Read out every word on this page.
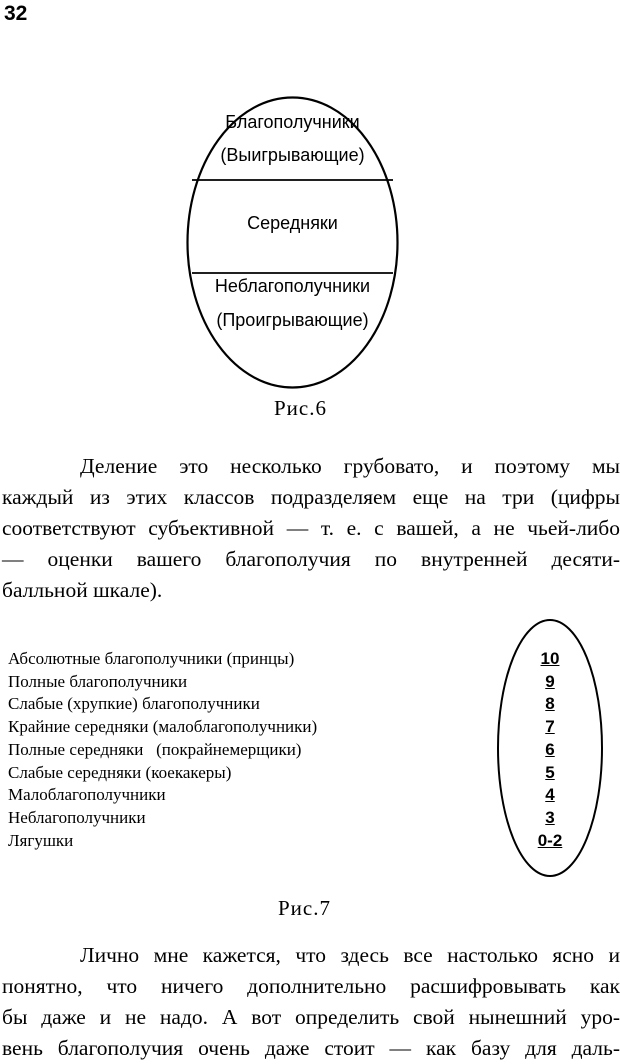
32
Благополучники
(Выигрывающие)
Середняки
Неблагополучники
(Проигрывающие)
Рис.6
Деление это несколько грубовато, и поэтому мы
каждый из этих классов подразделяем еще на три (цифры
соответствуют субъективной — т. е. с вашей, а не чьей-либо
— оценки вашего благополучия по внутренней десяти-
балльной шкале).
Абсолютные благополучники (принцы)
Полные благополучники
Слабые (хрупкие) благополучники
Крайние середняки (малоблагополучники)
Полные середняки   (покрайнемерщики)
Слабые середняки (коекакеры)
Малоблагополучники
Неблагополучники
Лягушки
10
9
8
7
6
5
4
3
0-2
Рис.7
Лично мне кажется, что здесь все настолько ясно и
понятно, что ничего дополнительно расшифровывать как
бы даже и не надо. А вот определить свой нынешний уро-
вень благополучия очень даже стоит — как базу для даль-
